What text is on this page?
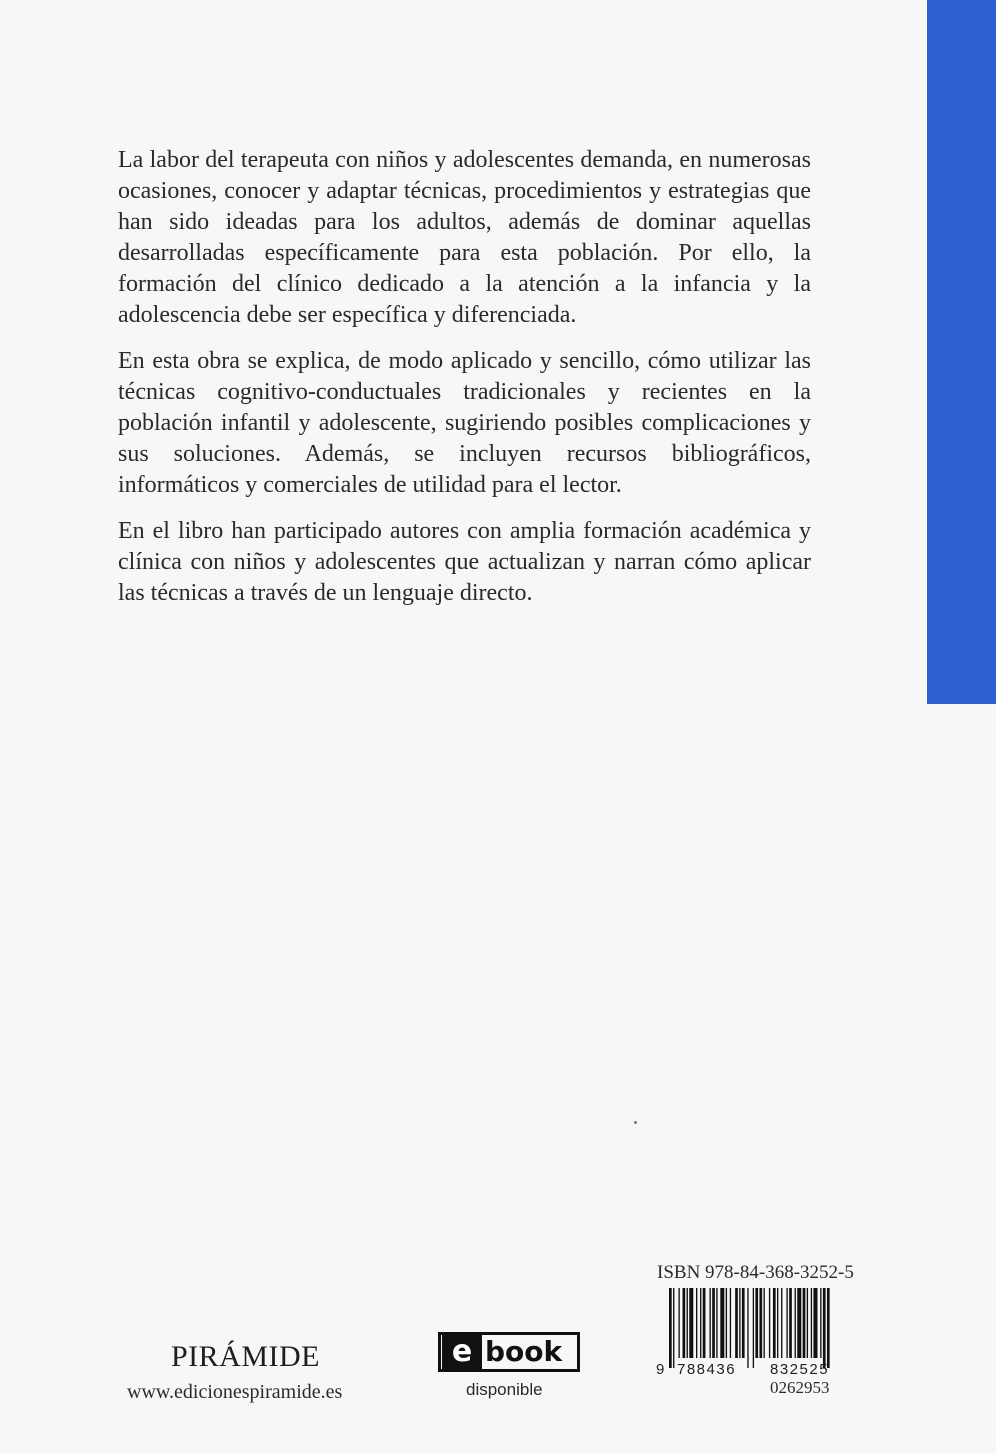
La labor del terapeuta con niños y adolescentes demanda, en numerosas ocasiones, conocer y adaptar técnicas, procedimientos y estrategias que han sido ideadas para los adultos, además de dominar aquellas desarrolladas específicamente para esta población. Por ello, la formación del clínico dedicado a la atención a la infancia y la adolescencia debe ser específica y diferenciada.

En esta obra se explica, de modo aplicado y sencillo, cómo utilizar las técnicas cognitivo-conductuales tradicionales y recientes en la población infantil y adolescente, sugiriendo posibles complicaciones y sus soluciones. Además, se incluyen recursos bibliográficos, informáticos y comerciales de utilidad para el lector.

En el libro han participado autores con amplia formación académica y clínica con niños y adolescentes que actualizan y narran cómo aplicar las técnicas a través de un lenguaje directo.

ISBN 978-84-368-3252-5
9 788436 832525
0262953
PIRÁMIDE
www.edicionespiramide.es
e book
disponible
